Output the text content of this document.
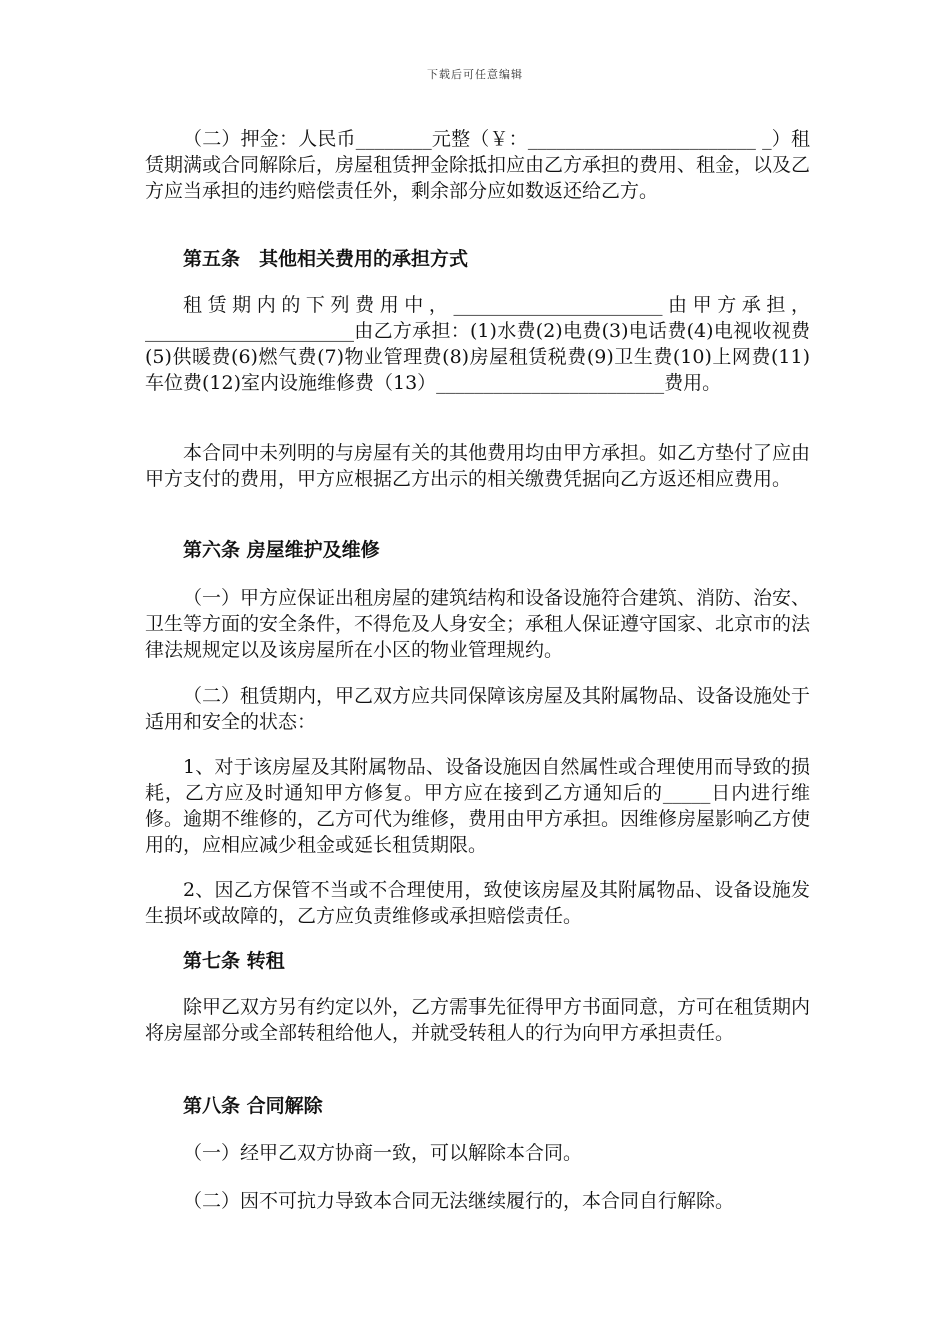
下载后可任意编辑

（二）押金：人民币________元整（￥：________________________ _）租赁期满或合同解除后，房屋租赁押金除抵扣应由乙方承担的费用、租金，以及乙方应当承担的违约赔偿责任外，剩余部分应如数返还给乙方。

第五条　其他相关费用的承担方式

租赁期内的下列费用中，______________________由甲方承担，______________________由乙方承担：(1)水费(2)电费(3)电话费(4)电视收视费(5)供暖费(6)燃气费(7)物业管理费(8)房屋租赁税费(9)卫生费(10)上网费(11)车位费(12)室内设施维修费（13）________________________费用。

本合同中未列明的与房屋有关的其他费用均由甲方承担。如乙方垫付了应由甲方支付的费用，甲方应根据乙方出示的相关缴费凭据向乙方返还相应费用。

第六条 房屋维护及维修

（一）甲方应保证出租房屋的建筑结构和设备设施符合建筑、消防、治安、卫生等方面的安全条件，不得危及人身安全；承租人保证遵守国家、北京市的法律法规规定以及该房屋所在小区的物业管理规约。

（二）租赁期内，甲乙双方应共同保障该房屋及其附属物品、设备设施处于适用和安全的状态：

1、对于该房屋及其附属物品、设备设施因自然属性或合理使用而导致的损耗，乙方应及时通知甲方修复。甲方应在接到乙方通知后的_____日内进行维修。逾期不维修的，乙方可代为维修，费用由甲方承担。因维修房屋影响乙方使用的，应相应减少租金或延长租赁期限。

2、因乙方保管不当或不合理使用，致使该房屋及其附属物品、设备设施发生损坏或故障的，乙方应负责维修或承担赔偿责任。

第七条 转租

除甲乙双方另有约定以外，乙方需事先征得甲方书面同意，方可在租赁期内将房屋部分或全部转租给他人，并就受转租人的行为向甲方承担责任。

第八条 合同解除

（一）经甲乙双方协商一致，可以解除本合同。

（二）因不可抗力导致本合同无法继续履行的，本合同自行解除。
